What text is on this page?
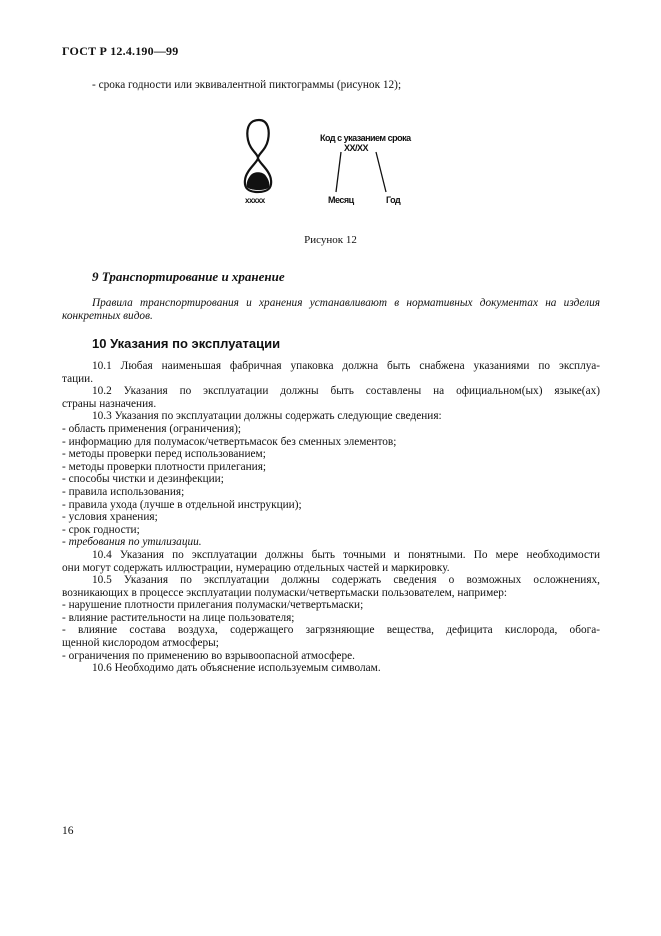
ГОСТ Р 12.4.190—99
- срока годности или эквивалентной пиктограммы (рисунок 12);
xxxxx
Код с указанием срока
XX/XX
Месяц	Год
Рисунок 12
9 Транспортирование и хранение
Правила транспортирования и хранения устанавливают в нормативных документах на изделия
конкретных видов.
10 Указания по эксплуатации
10.1 Любая наименьшая фабричная упаковка должна быть снабжена указаниями по эксплуа-
тации.
10.2 Указания по эксплуатации должны быть составлены на официальном(ых) языке(ах)
страны назначения.
10.3 Указания по эксплуатации должны содержать следующие сведения:
- область применения (ограничения);
- информацию для полумасок/четвертьмасок без сменных элементов;
- методы проверки перед использованием;
- методы проверки плотности прилегания;
- способы чистки и дезинфекции;
- правила использования;
- правила ухода (лучше в отдельной инструкции);
- условия хранения;
- срок годности;
- требования по утилизации.
10.4 Указания по эксплуатации должны быть точными и понятными. По мере необходимости
они могут содержать иллюстрации, нумерацию отдельных частей и маркировку.
10.5 Указания по эксплуатации должны содержать сведения о возможных осложнениях,
возникающих в процессе эксплуатации полумаски/четвертьмаски пользователем, например:
- нарушение плотности прилегания полумаски/четвертьмаски;
- влияние растительности на лице пользователя;
- влияние состава воздуха, содержащего загрязняющие вещества, дефицита кислорода, обога-
щенной кислородом атмосферы;
- ограничения по применению во взрывоопасной атмосфере.
10.6 Необходимо дать объяснение используемым символам.
16
